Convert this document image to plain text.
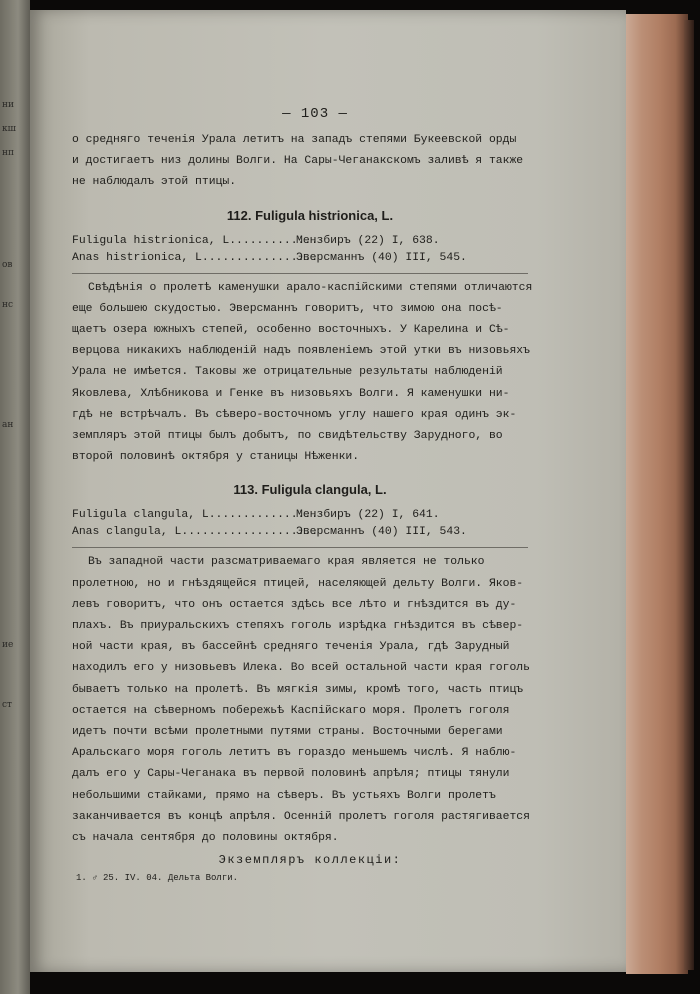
ни
кш
нп
ов
нс
ан
ие
ст
— 103 —

о средняго теченія Урала летитъ на западъ степями Букеевской орды
и достигаетъ низ долины Волги. На Сары-Чеганакскомъ заливѣ я также
не наблюдалъ этой птицы.

112. Fuligula histrionica, L.
Fuligula histrionica, L.............
Мензбиръ (22) I, 638.
Anas histrionica, L.................
Эверсманнъ (40) III, 545.

Свѣдѣнія о пролетѣ каменушки арало-каспійскими степями отличаются
еще большею скудостью. Эверсманнъ говоритъ, что зимою она посѣ-
щаетъ озера южныхъ степей, особенно восточныхъ. У Карелина и Сѣ-
верцова никакихъ наблюденій надъ появленіемъ этой утки въ низовьяхъ
Урала не имѣется. Таковы же отрицательные результаты наблюденій
Яковлева, Хлѣбникова и Генке въ низовьяхъ Волги. Я каменушки ни-
гдѣ не встрѣчалъ. Въ сѣверо-восточномъ углу нашего края одинъ эк-
земпляръ этой птицы былъ добытъ, по свидѣтельству Зарудного, во
второй половинѣ октября у станицы Нѣженки.

113. Fuligula clangula, L.
Fuligula clangula, L................
Мензбиръ (22) I, 641.
Anas clangula, L....................
Эверсманнъ (40) III, 543.

Въ западной части разсматриваемаго края является не только
пролетною, но и гнѣздящейся птицей, населяющей дельту Волги. Яков-
левъ говоритъ, что онъ остается здѣсь все лѣто и гнѣздится въ ду-
плахъ. Въ приуральскихъ степяхъ гоголь изрѣдка гнѣздится въ сѣвер-
ной части края, въ бассейнѣ средняго теченія Урала, гдѣ Зарудный
находилъ его у низовьевъ Илека. Во всей остальной части края гоголь
бываетъ только на пролетѣ. Въ мягкія зимы, кромѣ того, часть птицъ
остается на сѣверномъ побережьѣ Каспійскаго моря. Пролетъ гоголя
идетъ почти всѣми пролетными путями страны. Восточными берегами
Аральскаго моря гоголь летитъ въ гораздо меньшемъ числѣ. Я наблю-
далъ его у Сары-Чеганака въ первой половинѣ апрѣля; птицы тянули
небольшими стайками, прямо на сѣверъ. Въ устьяхъ Волги пролетъ
заканчивается въ концѣ апрѣля. Осенній пролетъ гоголя растягивается
съ начала сентября до половины октября.

Экземпляръ коллекціи:
1. ♂ 25. IV. 04. Дельта Волги.
